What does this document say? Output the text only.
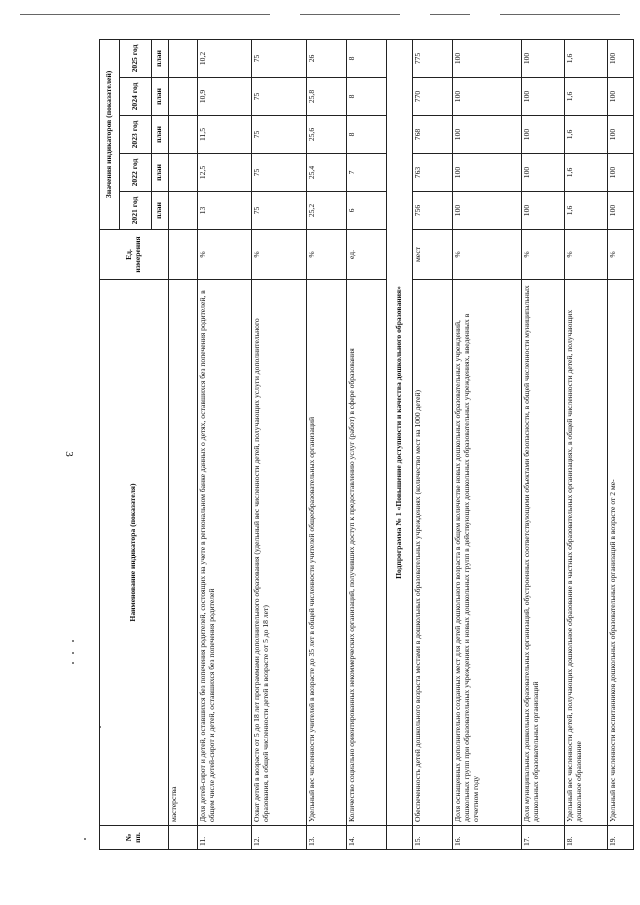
3
№ пп.	Наименование индикатора (показателя)	Ед. измерения	Значения индикаторов (показателей)				
			2021 год	2022 год	2023 год	2024 год	2025 год
			план	план	план	план	план
	мастерства						
11.	Доля детей-сирот и детей, оставшихся без попечения родителей, состоящих на учете в региональном банке данных о детях, оставшихся без попечения родителей, в общем числе детей-сирот и детей, оставшихся без попечения родителей	%	13	12,5	11,5	10,9	10,2
12.	Охват детей в возрасте от 5 до 18 лет программами дополнительного образования (удельный вес численности детей, получающих услуги дополнительного образования, в общей численности детей в возрасте от 5 до 18 лет)	%	75	75	75	75	75
13.	Удельный вес численности учителей в возрасте до 35 лет в общей численности учителей общеобразовательных организаций	%	25,2	25,4	25,6	25,8	26
14.	Количество социально ориентированных некоммерческих организаций, получивших доступ к предоставлению услуг (работ) в сфере образования	ед.	6	7	8	8	8
	Подпрограмма № 1 «Повышение доступности и качества дошкольного образования»						
15.	Обеспеченность детей дошкольного возраста местами в дошкольных образовательных учреждениях (количество мест на 1000 детей)	мест	756	763	768	770	775
16.	Доля оснащенных дополнительно созданных мест для детей дошкольного возраста в общем количестве новых дошкольных образовательных учреждений, дошкольных групп при образовательных учреждениях и новых дошкольных групп в действующих дошкольных образовательных учреждениях, введенных в отчетном году	%	100	100	100	100	100
17.	Доля муниципальных дошкольных образовательных организаций, обустроенных соответствующими объектами безопасности, в общей численности муниципальных дошкольных образовательных организаций	%	100	100	100	100	100
18.	Удельный вес численности детей, получающих дошкольное образование в частных образовательных организациях, в общей численности детей, получающих дошкольное образование	%	1,6	1,6	1,6	1,6	1,6
19.	Удельный вес численности воспитанников дошкольных образовательных организаций в возрасте от 2 ме-	%	100	100	100	100	100
